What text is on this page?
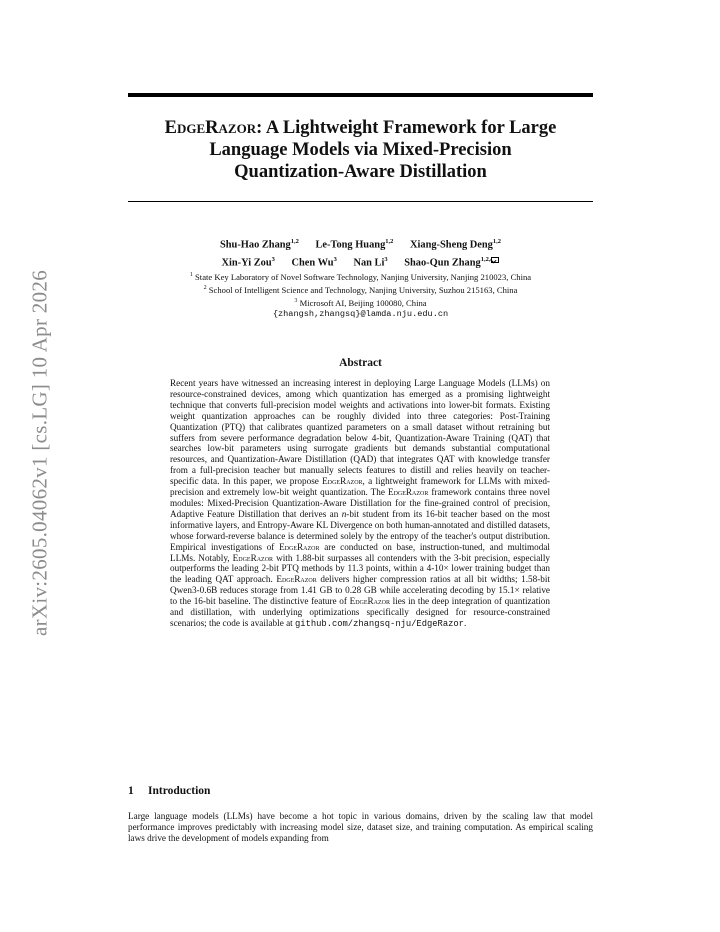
arXiv:2605.04062v1 [cs.LG] 10 Apr 2026
EdgeRazor: A Lightweight Framework for Large
Language Models via Mixed-Precision
Quantization-Aware Distillation
Shu-Hao Zhang$^{1,2}$ Le-Tong Huang$^{1,2}$ Xiang-Sheng Deng$^{1,2}$
Xin-Yi Zou$^3$ Chen Wu$^3$ Nan Li$^3$ Shao-Qun Zhang$^{1,2,}$
$^1$ State Key Laboratory of Novel Software Technology, Nanjing University, Nanjing 210023, China
$^2$ School of Intelligent Science and Technology, Nanjing University, Suzhou 215163, China
$^3$ Microsoft AI, Beijing 100080, China
{zhangsh,zhangsq}@lamda.nju.edu.cn
Abstract
Recent years have witnessed an increasing interest in deploying Large Language Models (LLMs) on resource-constrained devices, among which quantization has emerged as a promising lightweight technique that converts full-precision model weights and activations into lower-bit formats. Existing weight quantization approaches can be roughly divided into three categories: Post-Training Quantization (PTQ) that calibrates quantized parameters on a small dataset without retraining but suffers from severe performance degradation below 4-bit, Quantization-Aware Training (QAT) that searches low-bit parameters using surrogate gradients but demands substantial computational resources, and Quantization-Aware Distillation (QAD) that integrates QAT with knowledge transfer from a full-precision teacher but manually selects features to distill and relies heavily on teacher-specific data. In this paper, we propose EdgeRazor, a lightweight framework for LLMs with mixed-precision and extremely low-bit weight quantization. The EdgeRazor framework contains three novel modules: Mixed-Precision Quantization-Aware Distillation for the fine-grained control of precision, Adaptive Feature Distillation that derives an n-bit student from its 16-bit teacher based on the most informative layers, and Entropy-Aware KL Divergence on both human-annotated and distilled datasets, whose forward-reverse balance is determined solely by the entropy of the teacher's output distribution. Empirical investigations of EdgeRazor are conducted on base, instruction-tuned, and multimodal LLMs. Notably, EdgeRazor with 1.88-bit surpasses all contenders with the 3-bit precision, especially outperforms the leading 2-bit PTQ methods by 11.3 points, within a 4-10× lower training budget than the leading QAT approach. EdgeRazor delivers higher compression ratios at all bit widths; 1.58-bit Qwen3-0.6B reduces storage from 1.41 GB to 0.28 GB while accelerating decoding by 15.1× relative to the 16-bit baseline. The distinctive feature of EdgeRazor lies in the deep integration of quantization and distillation, with underlying optimizations specifically designed for resource-constrained scenarios; the code is available at github.com/zhangsq-nju/EdgeRazor.
1 Introduction
Large language models (LLMs) have become a hot topic in various domains, driven by the scaling law that model performance improves predictably with increasing model size, dataset size, and training computation. As empirical scaling laws drive the development of models expanding from
